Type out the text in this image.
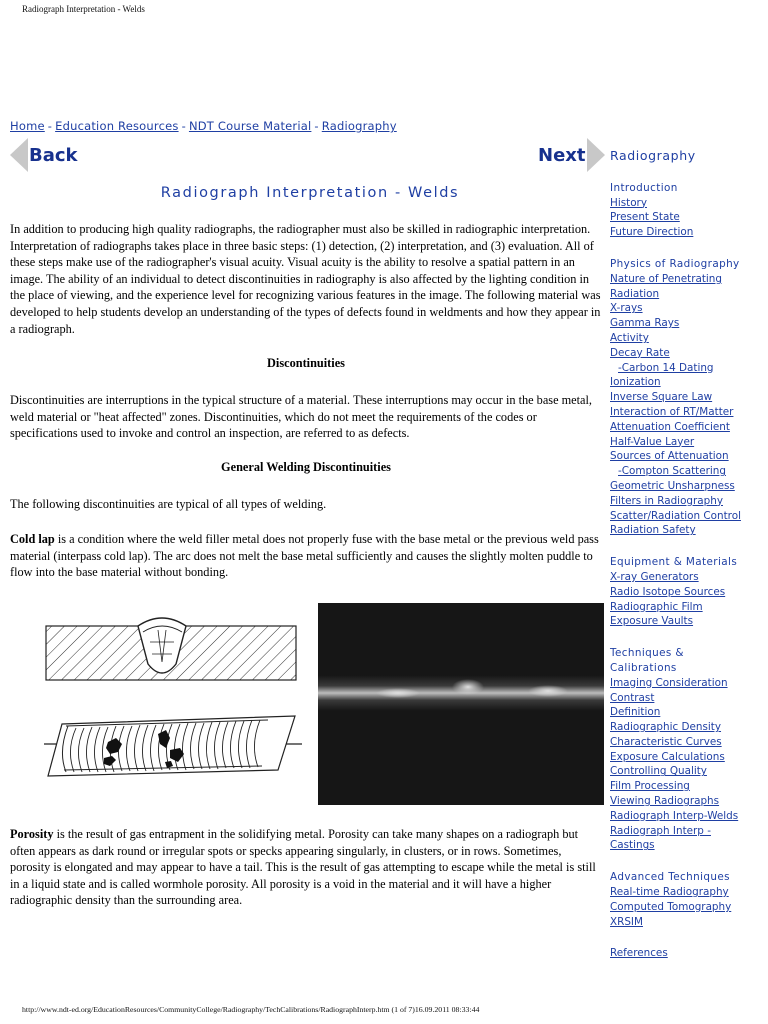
Radiograph Interpretation - Welds
Home - Education Resources - NDT Course Material - Radiography
Back	Next
Radiograph Interpretation - Welds
In addition to producing high quality radiographs, the radiographer must also be skilled in radiographic interpretation. Interpretation of radiographs takes place in three basic steps: (1) detection, (2) interpretation, and (3) evaluation. All of these steps make use of the radiographer's visual acuity. Visual acuity is the ability to resolve a spatial pattern in an image. The ability of an individual to detect discontinuities in radiography is also affected by the lighting condition in the place of viewing, and the experience level for recognizing various features in the image. The following material was developed to help students develop an understanding of the types of defects found in weldments and how they appear in a radiograph.
Discontinuities
Discontinuities are interruptions in the typical structure of a material. These interruptions may occur in the base metal, weld material or "heat affected" zones. Discontinuities, which do not meet the requirements of the codes or specifications used to invoke and control an inspection, are referred to as defects.
General Welding Discontinuities
The following discontinuities are typical of all types of welding.
Cold lap is a condition where the weld filler metal does not properly fuse with the base metal or the previous weld pass material (interpass cold lap). The arc does not melt the base metal sufficiently and causes the slightly molten puddle to flow into the base material without bonding.
Porosity is the result of gas entrapment in the solidifying metal. Porosity can take many shapes on a radiograph but often appears as dark round or irregular spots or specks appearing singularly, in clusters, or in rows. Sometimes, porosity is elongated and may appear to have a tail. This is the result of gas attempting to escape while the metal is still in a liquid state and is called wormhole porosity. All porosity is a void in the material and it will have a higher radiographic density than the surrounding area.
Radiography
Introduction
History
Present State
Future Direction
Physics of Radiography
Nature of Penetrating
Radiation
X-rays
Gamma Rays
Activity
Decay Rate
-Carbon 14 Dating
Ionization
Inverse Square Law
Interaction of RT/Matter
Attenuation Coefficient
Half-Value Layer
Sources of Attenuation
-Compton Scattering
Geometric Unsharpness
Filters in Radiography
Scatter/Radiation Control
Radiation Safety
Equipment & Materials
X-ray Generators
Radio Isotope Sources
Radiographic Film
Exposure Vaults
Techniques &
Calibrations
Imaging Consideration
Contrast
Definition
Radiographic Density
Characteristic Curves
Exposure Calculations
Controlling Quality
Film Processing
Viewing Radiographs
Radiograph Interp-Welds
Radiograph Interp -
Castings
Advanced Techniques
Real-time Radiography
Computed Tomography
XRSIM
References
http://www.ndt-ed.org/EducationResources/CommunityCollege/Radiography/TechCalibrations/RadiographInterp.htm (1 of 7)16.09.2011 08:33:44
